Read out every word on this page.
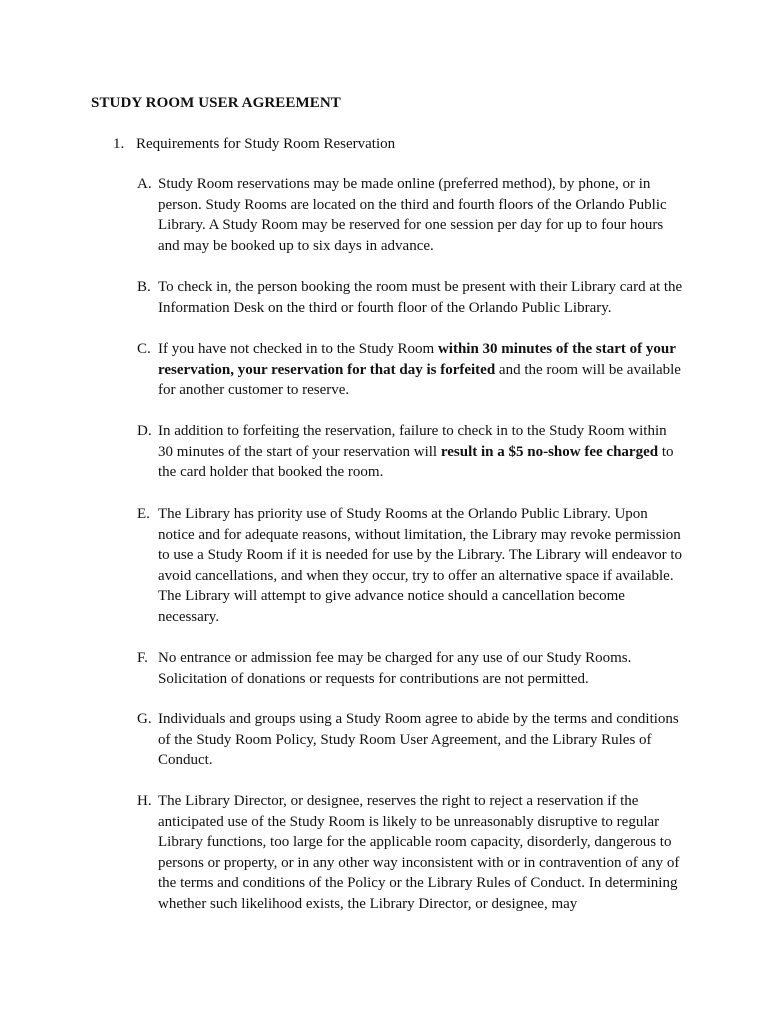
STUDY ROOM USER AGREEMENT
1. Requirements for Study Room Reservation
A. Study Room reservations may be made online (preferred method), by phone, or in person. Study Rooms are located on the third and fourth floors of the Orlando Public Library. A Study Room may be reserved for one session per day for up to four hours and may be booked up to six days in advance.
B. To check in, the person booking the room must be present with their Library card at the Information Desk on the third or fourth floor of the Orlando Public Library.
C. If you have not checked in to the Study Room within 30 minutes of the start of your reservation, your reservation for that day is forfeited and the room will be available for another customer to reserve.
D. In addition to forfeiting the reservation, failure to check in to the Study Room within 30 minutes of the start of your reservation will result in a $5 no-show fee charged to the card holder that booked the room.
E. The Library has priority use of Study Rooms at the Orlando Public Library. Upon notice and for adequate reasons, without limitation, the Library may revoke permission to use a Study Room if it is needed for use by the Library. The Library will endeavor to avoid cancellations, and when they occur, try to offer an alternative space if available. The Library will attempt to give advance notice should a cancellation become necessary.
F. No entrance or admission fee may be charged for any use of our Study Rooms. Solicitation of donations or requests for contributions are not permitted.
G. Individuals and groups using a Study Room agree to abide by the terms and conditions of the Study Room Policy, Study Room User Agreement, and the Library Rules of Conduct.
H. The Library Director, or designee, reserves the right to reject a reservation if the anticipated use of the Study Room is likely to be unreasonably disruptive to regular Library functions, too large for the applicable room capacity, disorderly, dangerous to persons or property, or in any other way inconsistent with or in contravention of any of the terms and conditions of the Policy or the Library Rules of Conduct. In determining whether such likelihood exists, the Library Director, or designee, may
